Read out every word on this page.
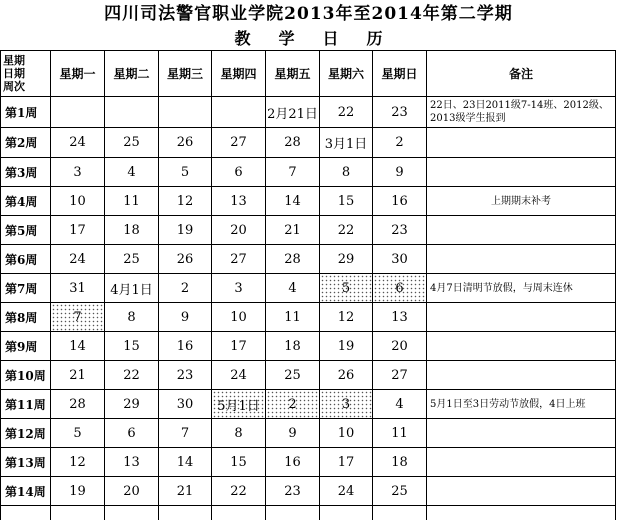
四川司法警官职业学院2013年至2014年第二学期
教学日历
星期
日期
周次	星期一	星期二	星期三	星期四	星期五	星期六	星期日	备注
第1周					2月21日	22	23	22日、23日2011级7-14班、2012级、2013级学生报到
第2周	24	25	26	27	28	3月1日	2	
第3周	3	4	5	6	7	8	9	
第4周	10	11	12	13	14	15	16	上期期末补考
第5周	17	18	19	20	21	22	23	
第6周	24	25	26	27	28	29	30	
第7周	31	4月1日	2	3	4	5	6	4月7日清明节放假，与周末连休
第8周	7	8	9	10	11	12	13	
第9周	14	15	16	17	18	19	20	
第10周	21	22	23	24	25	26	27	
第11周	28	29	30	5月1日	2	3	4	5月1日至3日劳动节放假，4日上班
第12周	5	6	7	8	9	10	11	
第13周	12	13	14	15	16	17	18	
第14周	19	20	21	22	23	24	25	
